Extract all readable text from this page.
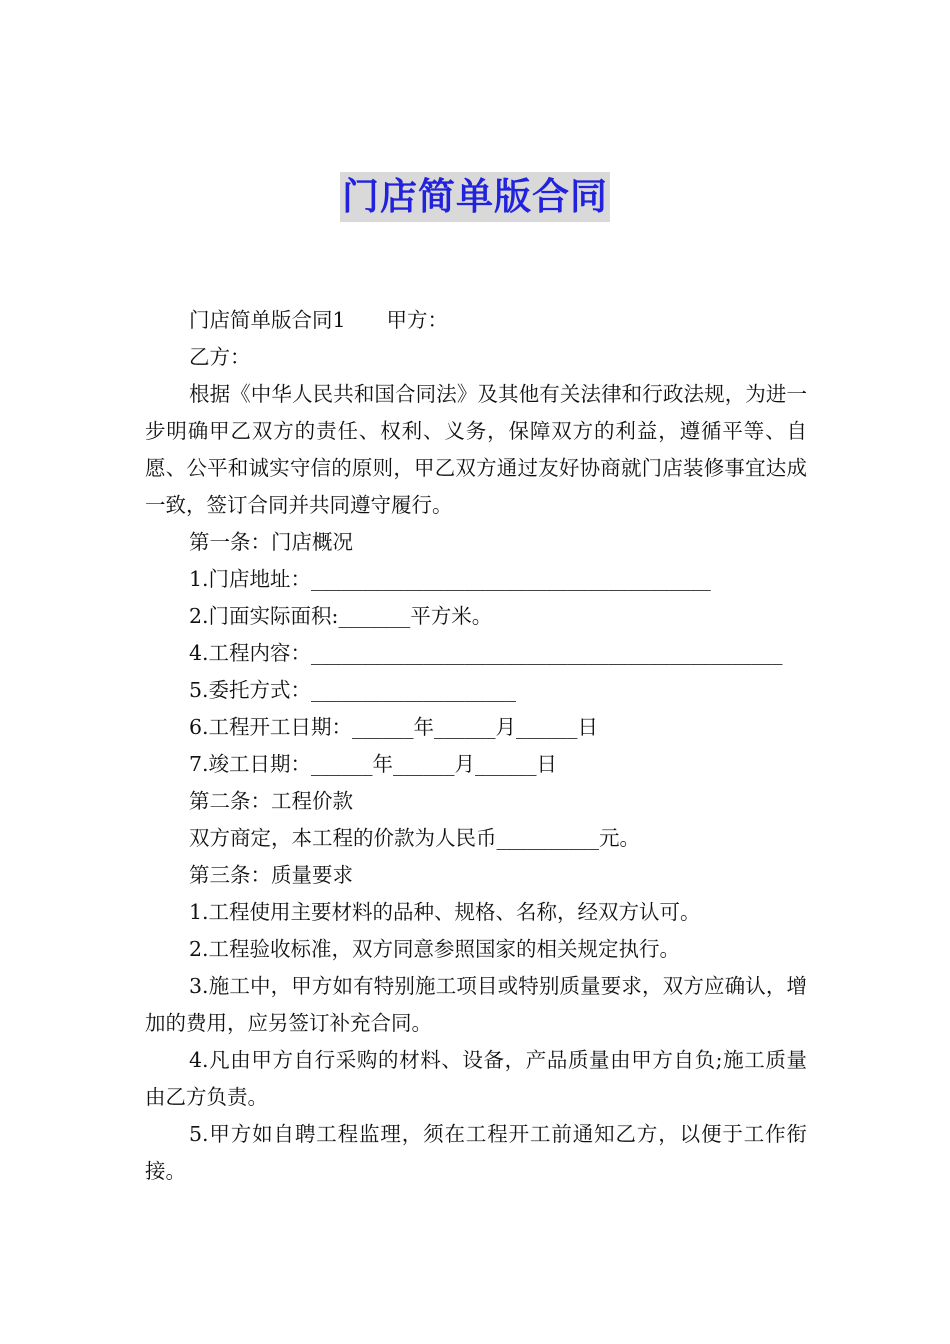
门店简单版合同

门店简单版合同1　　甲方：

乙方：

根据《中华人民共和国合同法》及其他有关法律和行政法规，为进一步明确甲乙双方的责任、权利、义务，保障双方的利益，遵循平等、自愿、公平和诚实守信的原则，甲乙双方通过友好协商就门店装修事宜达成一致，签订合同并共同遵守履行。

第一条：门店概况

1.门店地址：_______________________________________

2.门面实际面积:_______平方米。

4.工程内容：______________________________________________

5.委托方式：____________________

6.工程开工日期：______年______月______日

7.竣工日期：______年______月______日

第二条：工程价款

双方商定，本工程的价款为人民币__________元。

第三条：质量要求

1.工程使用主要材料的品种、规格、名称，经双方认可。

2.工程验收标准，双方同意参照国家的相关规定执行。

3.施工中，甲方如有特别施工项目或特别质量要求，双方应确认，增加的费用，应另签订补充合同。

4.凡由甲方自行采购的材料、设备，产品质量由甲方自负;施工质量由乙方负责。

5.甲方如自聘工程监理，须在工程开工前通知乙方，以便于工作衔接。
